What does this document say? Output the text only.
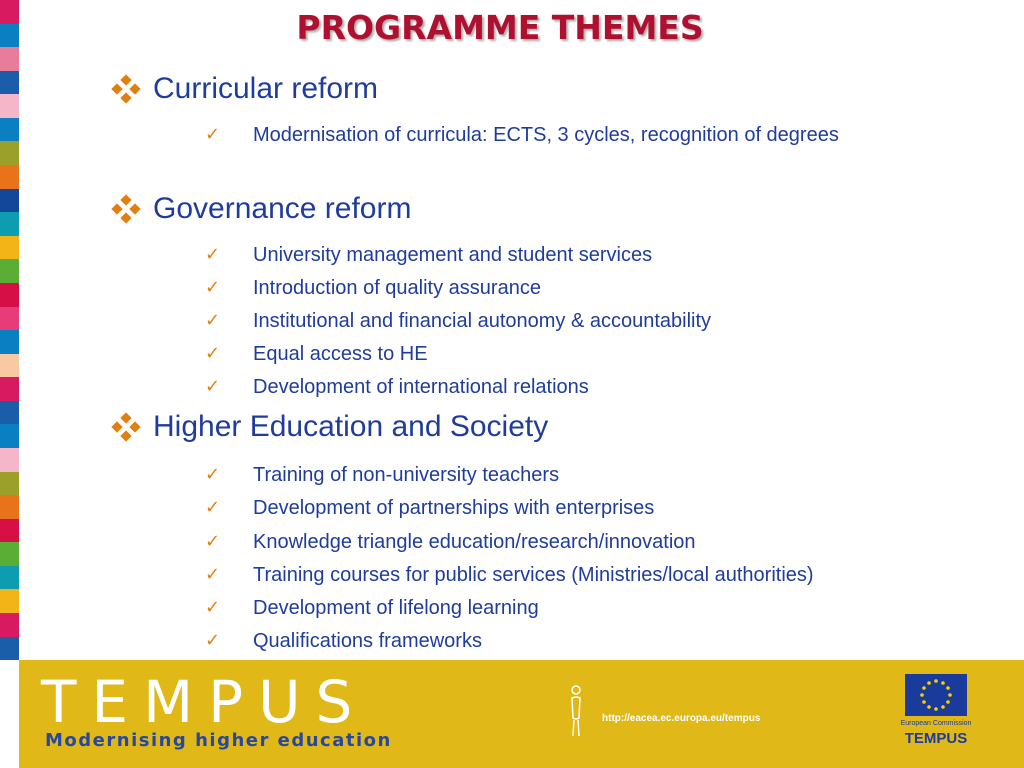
PROGRAMME THEMES
Curricular reform
✓ Modernisation of curricula: ECTS, 3 cycles, recognition of degrees
Governance reform
✓ University management and student services
✓ Introduction of quality assurance
✓ Institutional and financial autonomy & accountability
✓ Equal access to HE
✓ Development of international relations
Higher Education and Society
✓ Training of non-university teachers
✓ Development of partnerships with enterprises
✓ Knowledge triangle education/research/innovation
✓ Training courses for public services (Ministries/local authorities)
✓ Development of lifelong learning
✓ Qualifications frameworks
TEMPUS
Modernising higher education
http://eacea.ec.europa.eu/tempus	European Commission
TEMPUS
